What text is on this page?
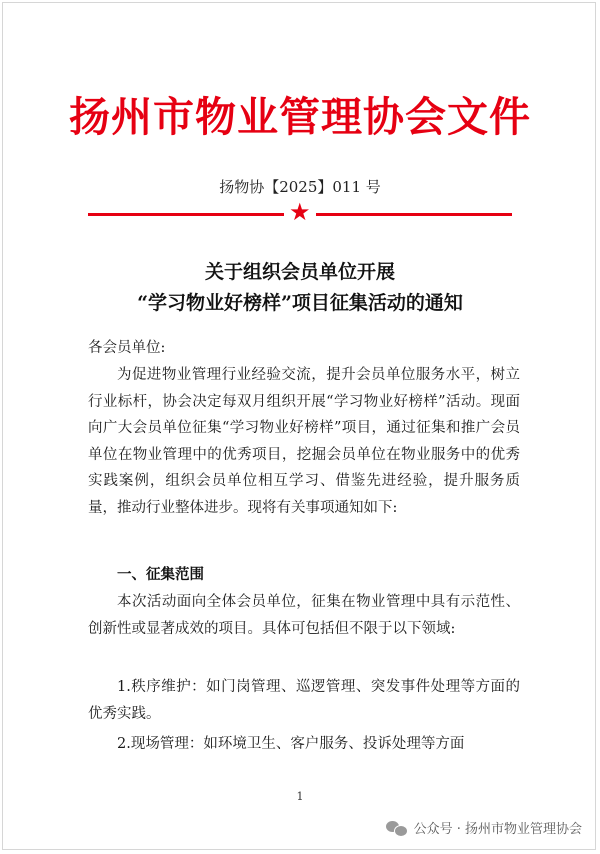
扬州市物业管理协会文件
扬物协【2025】011 号
★
关于组织会员单位开展
“学习物业好榜样”项目征集活动的通知
各会员单位:

为促进物业管理行业经验交流，提升会员单位服务水平，树立行业标杆，协会决定每双月组织开展“学习物业好榜样”活动。现面向广大会员单位征集“学习物业好榜样”项目，通过征集和推广会员单位在物业管理中的优秀项目，挖掘会员单位在物业服务中的优秀实践案例，组织会员单位相互学习、借鉴先进经验，提升服务质量，推动行业整体进步。现将有关事项通知如下:

一、征集范围

本次活动面向全体会员单位，征集在物业管理中具有示范性、创新性或显著成效的项目。具体可包括但不限于以下领域:

1.秩序维护：如门岗管理、巡逻管理、突发事件处理等方面的优秀实践。

2.现场管理：如环境卫生、客户服务、投诉处理等方面

1
公众号 · 扬州市物业管理协会
